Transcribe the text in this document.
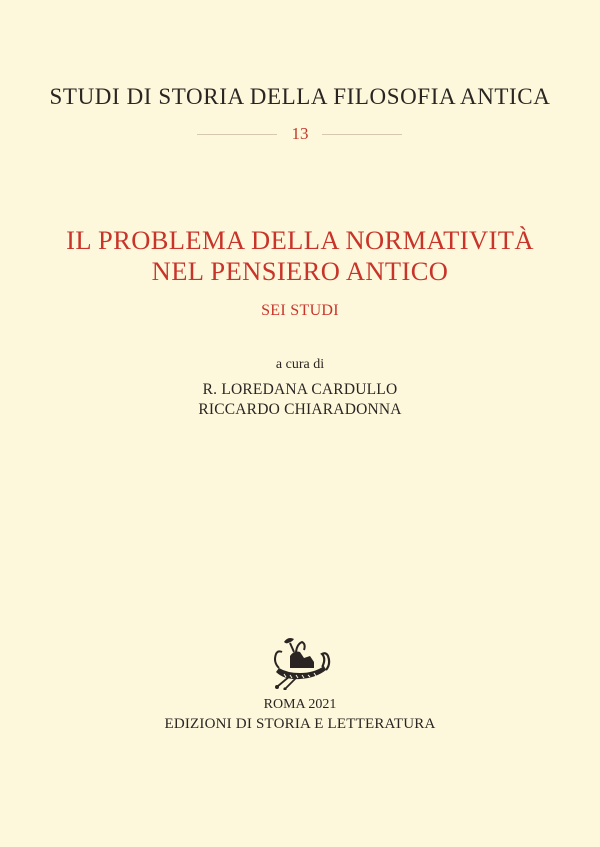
STUDI DI STORIA DELLA FILOSOFIA ANTICA
13
IL PROBLEMA DELLA NORMATIVITÀ
NEL PENSIERO ANTICO
SEI STUDI
a cura di
R. LOREDANA CARDULLO
RICCARDO CHIARADONNA
ROMA 2021
EDIZIONI DI STORIA E LETTERATURA
